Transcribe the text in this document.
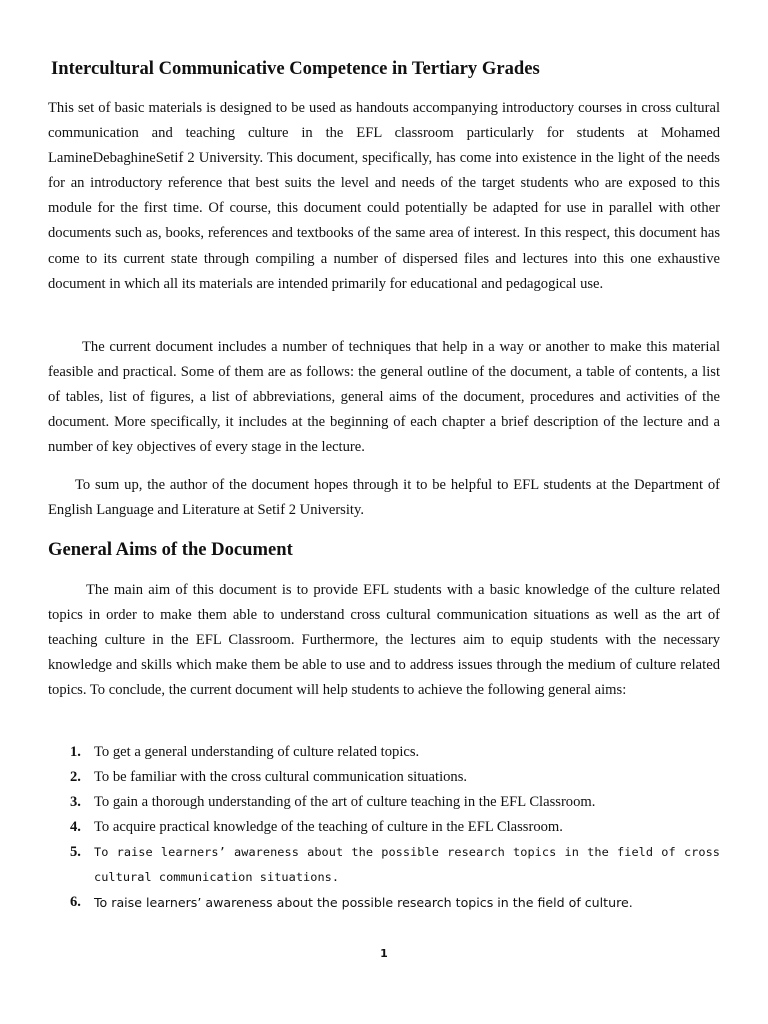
Intercultural Communicative Competence in Tertiary Grades

This set of basic materials is designed to be used as handouts accompanying introductory courses in cross cultural communication and teaching culture in the EFL classroom particularly for students at Mohamed LamineDebaghineSetif 2 University. This document, specifically, has come into existence in the light of the needs for an introductory reference that best suits the level and needs of the target students who are exposed to this module for the first time. Of course, this document could potentially be adapted for use in parallel with other documents such as, books, references and textbooks of the same area of interest. In this respect, this document has come to its current state through compiling a number of dispersed files and lectures into this one exhaustive document in which all its materials are intended primarily for educational and pedagogical use.

The current document includes a number of techniques that help in a way or another to make this material feasible and practical. Some of them are as follows: the general outline of the document, a table of contents, a list of tables, list of figures, a list of abbreviations, general aims of the document, procedures and activities of the document. More specifically, it includes at the beginning of each chapter a brief description of the lecture and a number of key objectives of every stage in the lecture.

To sum up, the author of the document hopes through it to be helpful to EFL students at the Department of English Language and Literature at Setif 2 University.

General Aims of the Document

The main aim of this document is to provide EFL students with a basic knowledge of the culture related topics in order to make them able to understand cross cultural communication situations as well as the art of teaching culture in the EFL Classroom. Furthermore, the lectures aim to equip students with the necessary knowledge and skills which make them be able to use and to address issues through the medium of culture related topics. To conclude, the current document will help students to achieve the following general aims:

1. To get a general understanding of culture related topics.
2. To be familiar with the cross cultural communication situations.
3. To gain a thorough understanding of the art of culture teaching in the EFL Classroom.
4. To acquire practical knowledge of the teaching of culture in the EFL Classroom.
5. To raise learners’ awareness about the possible research topics in the field of cross cultural communication situations.
6. To raise learners’ awareness about the possible research topics in the field of culture.
1
